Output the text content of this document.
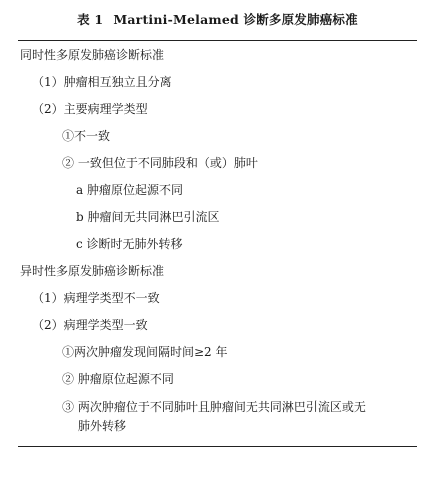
表 1 Martini-Melamed 诊断多原发肺癌标准
同时性多原发肺癌诊断标准
（1）肿瘤相互独立且分离
（2）主要病理学类型
①不一致
② 一致但位于不同肺段和（或）肺叶
a 肿瘤原位起源不同
b 肿瘤间无共同淋巴引流区
c 诊断时无肺外转移
异时性多原发肺癌诊断标准
（1）病理学类型不一致
（2）病理学类型一致
①两次肿瘤发现间隔时间≥2 年
② 肿瘤原位起源不同
③ 两次肿瘤位于不同肺叶且肿瘤间无共同淋巴引流区或无
肺外转移
